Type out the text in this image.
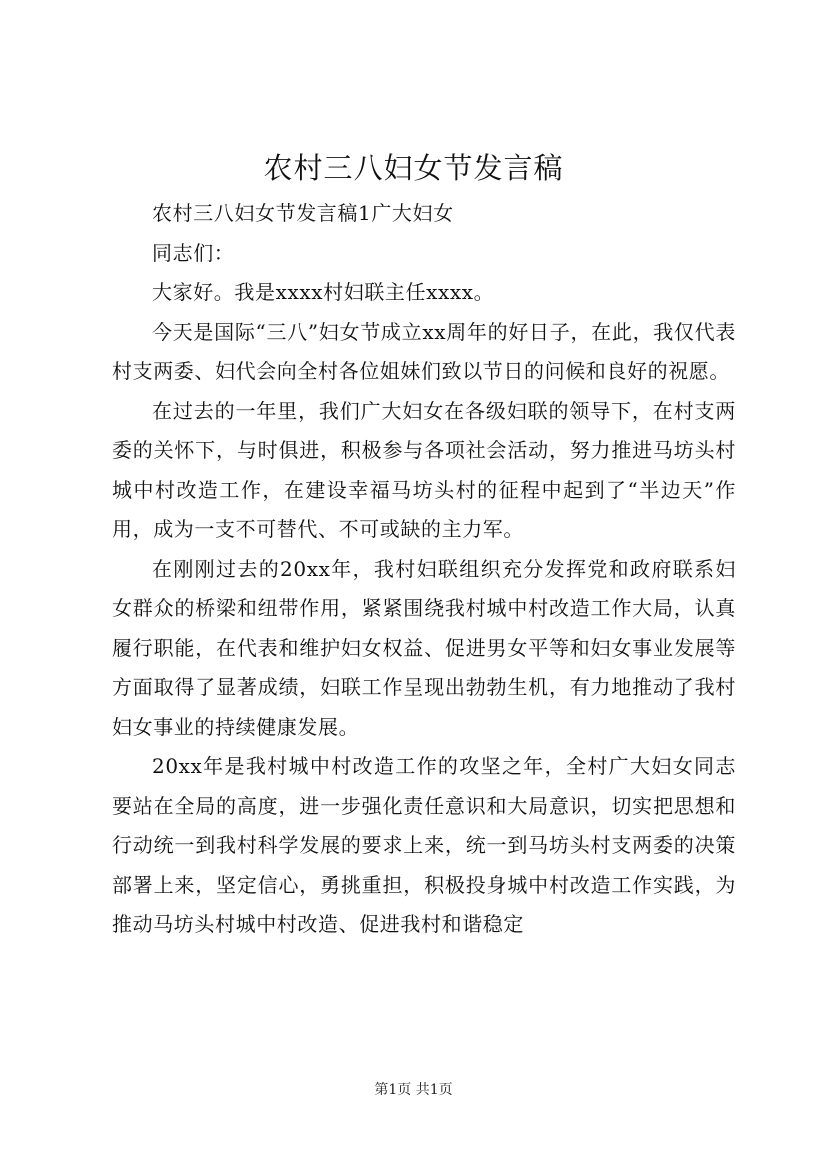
农村三八妇女节发言稿

农村三八妇女节发言稿1广大妇女

同志们：

大家好。我是xxxx村妇联主任xxxx。

今天是国际“三八”妇女节成立xx周年的好日子，在此，我仅代表村支两委、妇代会向全村各位姐妹们致以节日的问候和良好的祝愿。

在过去的一年里，我们广大妇女在各级妇联的领导下，在村支两委的关怀下，与时俱进，积极参与各项社会活动，努力推进马坊头村城中村改造工作，在建设幸福马坊头村的征程中起到了“半边天”作用，成为一支不可替代、不可或缺的主力军。

在刚刚过去的20xx年，我村妇联组织充分发挥党和政府联系妇女群众的桥梁和纽带作用，紧紧围绕我村城中村改造工作大局，认真履行职能，在代表和维护妇女权益、促进男女平等和妇女事业发展等方面取得了显著成绩，妇联工作呈现出勃勃生机，有力地推动了我村妇女事业的持续健康发展。

20xx年是我村城中村改造工作的攻坚之年，全村广大妇女同志要站在全局的高度，进一步强化责任意识和大局意识，切实把思想和行动统一到我村科学发展的要求上来，统一到马坊头村支两委的决策部署上来，坚定信心，勇挑重担，积极投身城中村改造工作实践，为推动马坊头村城中村改造、促进我村和谐稳定

第1页 共1页
